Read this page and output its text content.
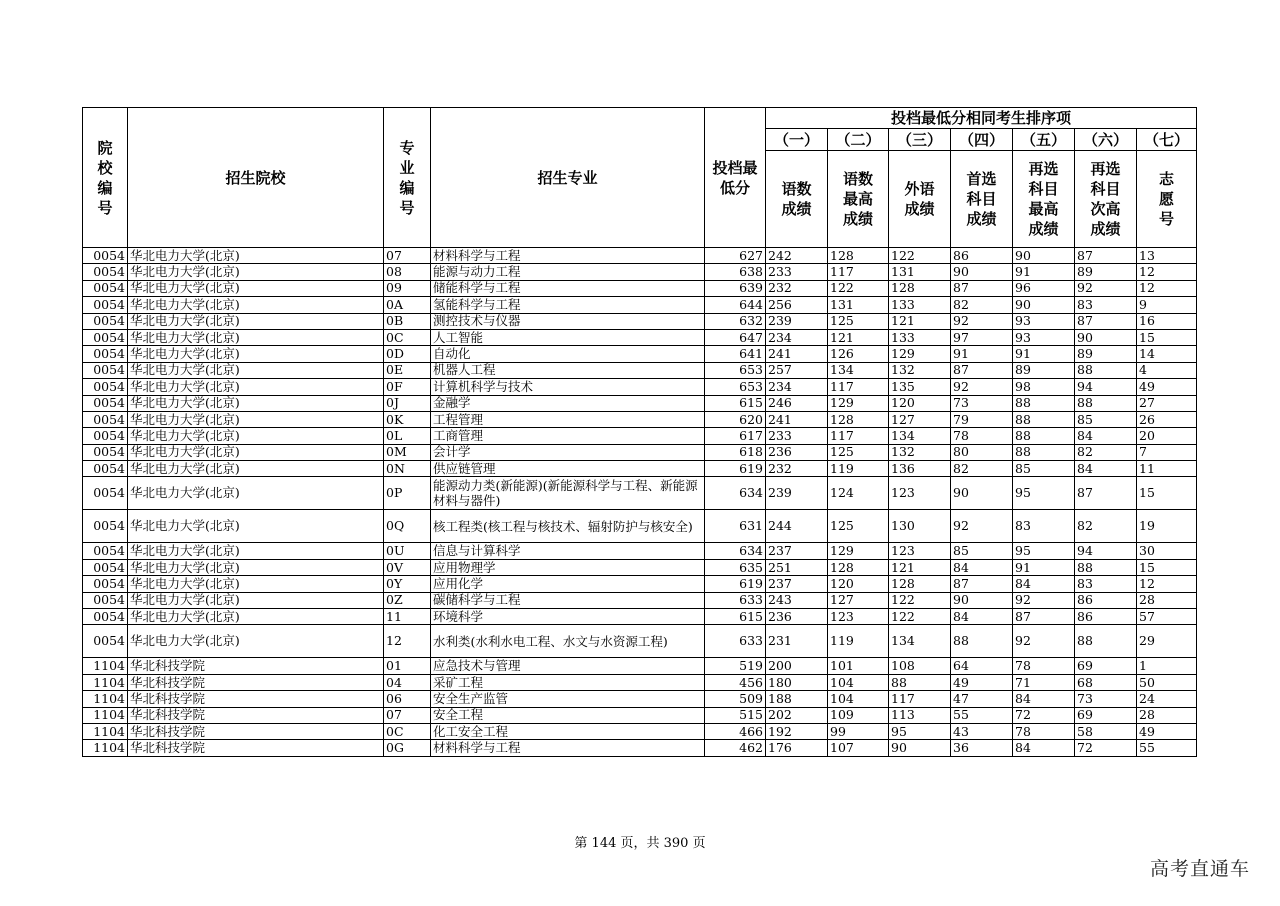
院校编号	招生院校	专业编号	招生专业	投档最低分	投档最低分相同考生排序项						
					（一）	（二）	（三）	（四）	（五）	（六）	（七）
					语数成绩	语数最高成绩	外语成绩	首选科目成绩	再选科目最高成绩	再选科目次高成绩	志愿号
0054	华北电力大学(北京)	07	材料科学与工程	627	242	128	122	86	90	87	13
0054	华北电力大学(北京)	08	能源与动力工程	638	233	117	131	90	91	89	12
0054	华北电力大学(北京)	09	储能科学与工程	639	232	122	128	87	96	92	12
0054	华北电力大学(北京)	0A	氢能科学与工程	644	256	131	133	82	90	83	9
0054	华北电力大学(北京)	0B	测控技术与仪器	632	239	125	121	92	93	87	16
0054	华北电力大学(北京)	0C	人工智能	647	234	121	133	97	93	90	15
0054	华北电力大学(北京)	0D	自动化	641	241	126	129	91	91	89	14
0054	华北电力大学(北京)	0E	机器人工程	653	257	134	132	87	89	88	4
0054	华北电力大学(北京)	0F	计算机科学与技术	653	234	117	135	92	98	94	49
0054	华北电力大学(北京)	0J	金融学	615	246	129	120	73	88	88	27
0054	华北电力大学(北京)	0K	工程管理	620	241	128	127	79	88	85	26
0054	华北电力大学(北京)	0L	工商管理	617	233	117	134	78	88	84	20
0054	华北电力大学(北京)	0M	会计学	618	236	125	132	80	88	82	7
0054	华北电力大学(北京)	0N	供应链管理	619	232	119	136	82	85	84	11
0054	华北电力大学(北京)	0P	能源动力类(新能源)(新能源科学与工程、新能源材料与器件)	634	239	124	123	90	95	87	15
0054	华北电力大学(北京)	0Q	核工程类(核工程与核技术、辐射防护与核安全)	631	244	125	130	92	83	82	19
0054	华北电力大学(北京)	0U	信息与计算科学	634	237	129	123	85	95	94	30
0054	华北电力大学(北京)	0V	应用物理学	635	251	128	121	84	91	88	15
0054	华北电力大学(北京)	0Y	应用化学	619	237	120	128	87	84	83	12
0054	华北电力大学(北京)	0Z	碳储科学与工程	633	243	127	122	90	92	86	28
0054	华北电力大学(北京)	11	环境科学	615	236	123	122	84	87	86	57
0054	华北电力大学(北京)	12	水利类(水利水电工程、水文与水资源工程)	633	231	119	134	88	92	88	29
1104	华北科技学院	01	应急技术与管理	519	200	101	108	64	78	69	1
1104	华北科技学院	04	采矿工程	456	180	104	88	49	71	68	50
1104	华北科技学院	06	安全生产监管	509	188	104	117	47	84	73	24
1104	华北科技学院	07	安全工程	515	202	109	113	55	72	69	28
1104	华北科技学院	0C	化工安全工程	466	192	99	95	43	78	58	49
1104	华北科技学院	0G	材料科学与工程	462	176	107	90	36	84	72	55
第 144 页，共 390 页
高考直通车
